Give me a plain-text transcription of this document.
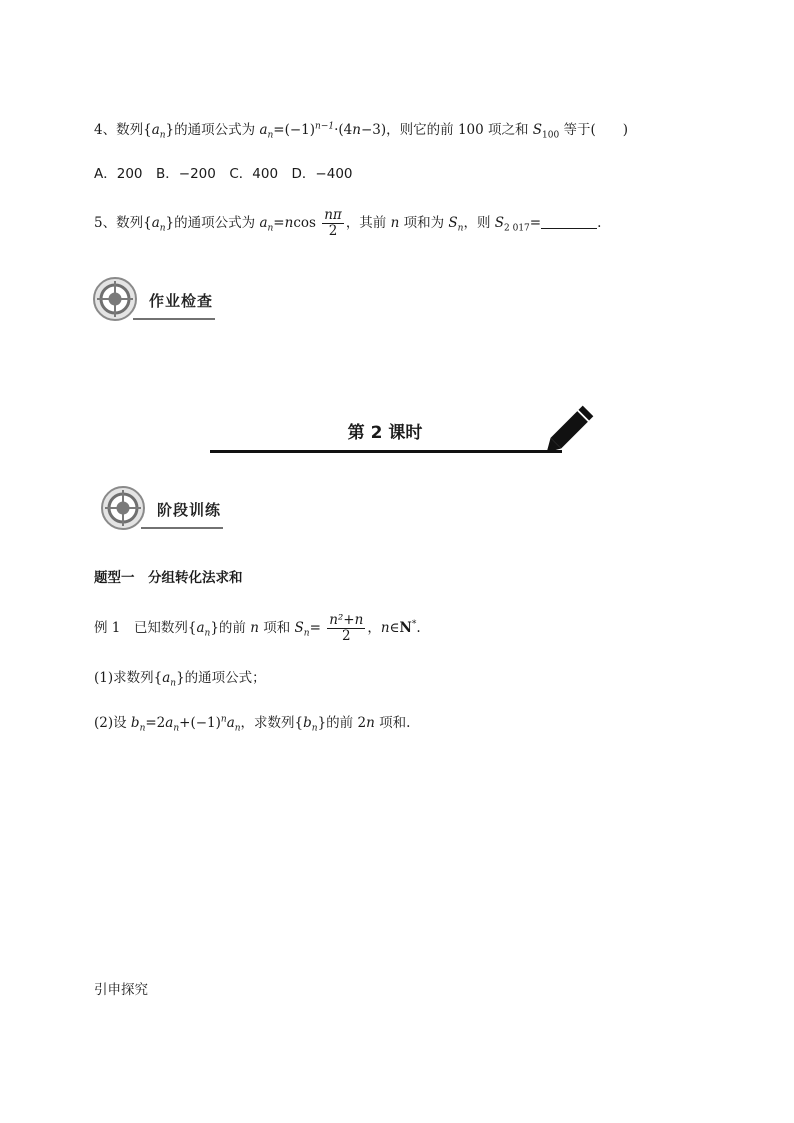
4、数列$\{a_n\}$的通项公式为 $a_n=(-1)^{n-1}\cdot(4n-3)$，则它的前 100 项之和 $S_{100}$ 等于(　　)
A．200　B．−200　C．400　D．−400
5、数列$\{a_n\}$的通项公式为 $a_n=ncos \frac{n\pi}{2}$ ，其前 n 项和为 $S_n$，则 $S_{2 017}=$	.
作业检查
第 2 课时
阶段训练
题型一　分组转化法求和
例 1　已知数列$\{a_n\}$的前 n 项和 $S_n= \frac{\text{n²+n}}{2}$ ，n∈N*.
(1)求数列$\{a_n\}$的通项公式；
(2)设 $b_n=2a_n+(-1)^na_n$，求数列$\{b_n\}$的前 2n 项和.
引申探究
